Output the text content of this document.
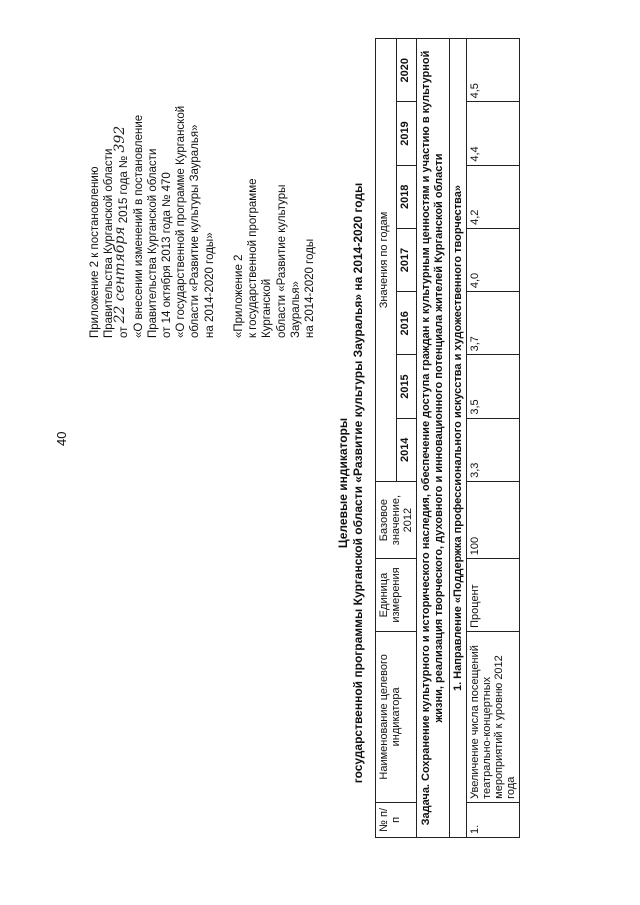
40
Приложение 2 к постановлению Правительства Курганской области от 22 сентября 2015 года № 392 «О внесении изменений в постановление Правительства Курганской области от 14 октября 2013 года № 470 «О государственной программе Курганской области «Развитие культуры Зауралья» на 2014-2020 годы» «Приложение 2 к государственной программе Курганской области «Развитие культуры Зауралья» на 2014-2020 годы
Целевые индикаторы государственной программы Курганской области «Развитие культуры Зауралья» на 2014-2020 годы
№ п/п	Наименование целевого индикатора	Единица измерения	Базовое значение, 2012	Значения по годам						
				2014	2015	2016	2017	2018	2019	2020
Задача. Сохранение культурного и исторического наследия, обеспечение доступа граждан к культурным ценностям и участию в культурной жизни, реализация творческого, духовного и инновационного потенциала жителей Курганской области										
1. Направление «Поддержка профессионального искусства и художественного творчества»										
1.	Увеличение числа посещений театрально-концертных мероприятий к уровню 2012 года	Процент	100	3,3	3,5	3,7	4,0	4,2	4,4	4,5
